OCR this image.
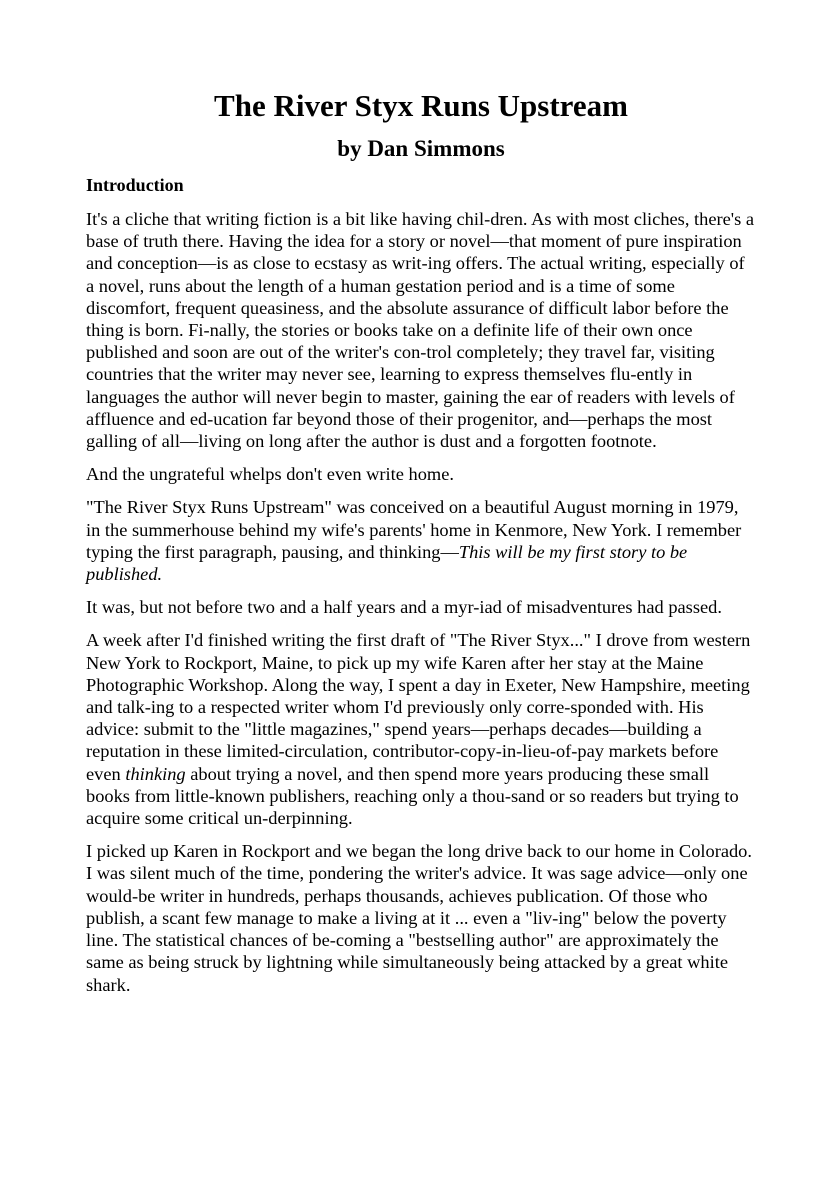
The River Styx Runs Upstream
by Dan Simmons
Introduction

It's a cliche that writing fiction is a bit like having chil-dren. As with most cliches, there's a base of truth there. Having the idea for a story or novel—that moment of pure inspiration and conception—is as close to ecstasy as writ-ing offers. The actual writing, especially of a novel, runs about the length of a human gestation period and is a time of some discomfort, frequent queasiness, and the absolute assurance of difficult labor before the thing is born. Fi-nally, the stories or books take on a definite life of their own once published and soon are out of the writer's con-trol completely; they travel far, visiting countries that the writer may never see, learning to express themselves flu-ently in languages the author will never begin to master, gaining the ear of readers with levels of affluence and ed-ucation far beyond those of their progenitor, and—perhaps the most galling of all—living on long after the author is dust and a forgotten footnote.

And the ungrateful whelps don't even write home.

"The River Styx Runs Upstream" was conceived on a beautiful August morning in 1979, in the summerhouse behind my wife's parents' home in Kenmore, New York. I remember typing the first paragraph, pausing, and thinking—This will be my first story to be published.

It was, but not before two and a half years and a myr-iad of misadventures had passed.

A week after I'd finished writing the first draft of "The River Styx..." I drove from western New York to Rockport, Maine, to pick up my wife Karen after her stay at the Maine Photographic Workshop. Along the way, I spent a day in Exeter, New Hampshire, meeting and talk-ing to a respected writer whom I'd previously only corre-sponded with. His advice: submit to the "little magazines," spend years—perhaps decades—building a reputation in these limited-circulation, contributor-copy-in-lieu-of-pay markets before even thinking about trying a novel, and then spend more years producing these small books from little-known publishers, reaching only a thou-sand or so readers but trying to acquire some critical un-derpinning.

I picked up Karen in Rockport and we began the long drive back to our home in Colorado. I was silent much of the time, pondering the writer's advice. It was sage advice—only one would-be writer in hundreds, perhaps thousands, achieves publication. Of those who publish, a scant few manage to make a living at it ... even a "liv-ing" below the poverty line. The statistical chances of be-coming a "bestselling author" are approximately the same as being struck by lightning while simultaneously being attacked by a great white shark.
